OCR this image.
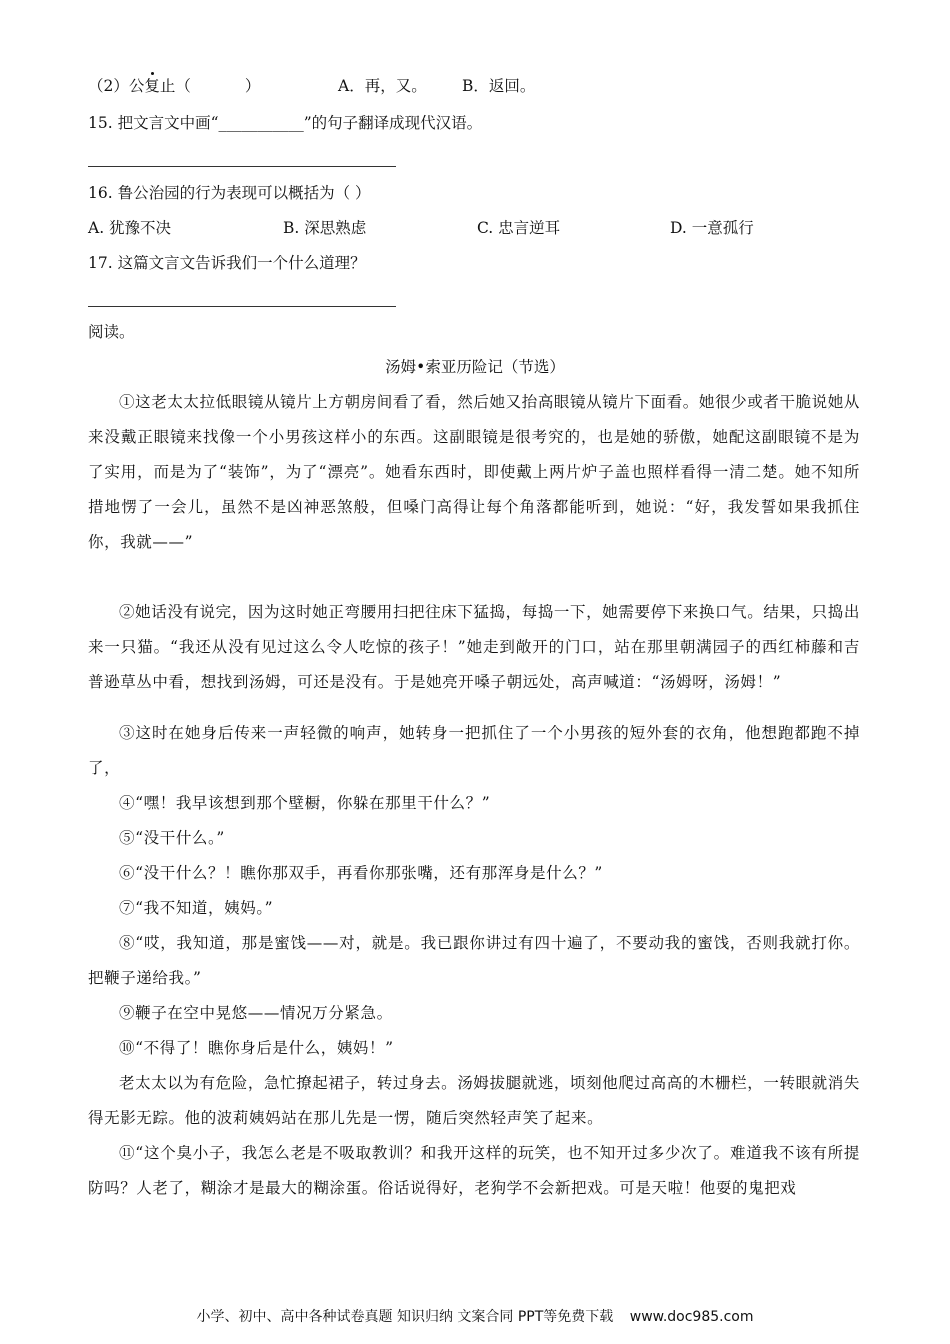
（2）公复止（	）	A．再，又。 B．返回。
15. 把文言文中画“___________”的句子翻译成现代汉语。
16. 鲁公治园的行为表现可以概括为（ ）
A. 犹豫不决	B. 深思熟虑	C. 忠言逆耳	D. 一意孤行
17. 这篇文言文告诉我们一个什么道理？
阅读。
汤姆•索亚历险记（节选）
①这老太太拉低眼镜从镜片上方朝房间看了看，然后她又抬高眼镜从镜片下面看。她很少或者干脆说她从来没戴正眼镜来找像一个小男孩这样小的东西。这副眼镜是很考究的，也是她的骄傲，她配这副眼镜不是为了实用，而是为了“装饰”，为了“漂亮”。她看东西时，即使戴上两片炉子盖也照样看得一清二楚。她不知所措地愣了一会儿，虽然不是凶神恶煞般，但嗓门高得让每个角落都能听到，她说：“好，我发誓如果我抓住你，我就——”
②她话没有说完，因为这时她正弯腰用扫把往床下猛捣，每捣一下，她需要停下来换口气。结果，只捣出来一只猫。“我还从没有见过这么令人吃惊的孩子！”她走到敞开的门口，站在那里朝满园子的西红柿藤和吉普逊草丛中看，想找到汤姆，可还是没有。于是她亮开嗓子朝远处，高声喊道：“汤姆呀，汤姆！”
③这时在她身后传来一声轻微的响声，她转身一把抓住了一个小男孩的短外套的衣角，他想跑都跑不掉了，
④“嘿！我早该想到那个壁橱，你躲在那里干什么？”
⑤“没干什么。”
⑥“没干什么？！瞧你那双手，再看你那张嘴，还有那浑身是什么？”
⑦“我不知道，姨妈。”
⑧“哎，我知道，那是蜜饯——对，就是。我已跟你讲过有四十遍了，不要动我的蜜饯，否则我就打你。把鞭子递给我。”
⑨鞭子在空中晃悠——情况万分紧急。
⑩“不得了！瞧你身后是什么，姨妈！”
老太太以为有危险，急忙撩起裙子，转过身去。汤姆拔腿就逃，顷刻他爬过高高的木栅栏，一转眼就消失得无影无踪。他的波莉姨妈站在那儿先是一愣，随后突然轻声笑了起来。
⑪“这个臭小子，我怎么老是不吸取教训？和我开这样的玩笑，也不知开过多少次了。难道我不该有所提防吗？人老了，糊涂才是最大的糊涂蛋。俗话说得好，老狗学不会新把戏。可是天啦！他耍的鬼把戏
小学、初中、高中各种试卷真题 知识归纳 文案合同 PPT等免费下载 www.doc985.com
